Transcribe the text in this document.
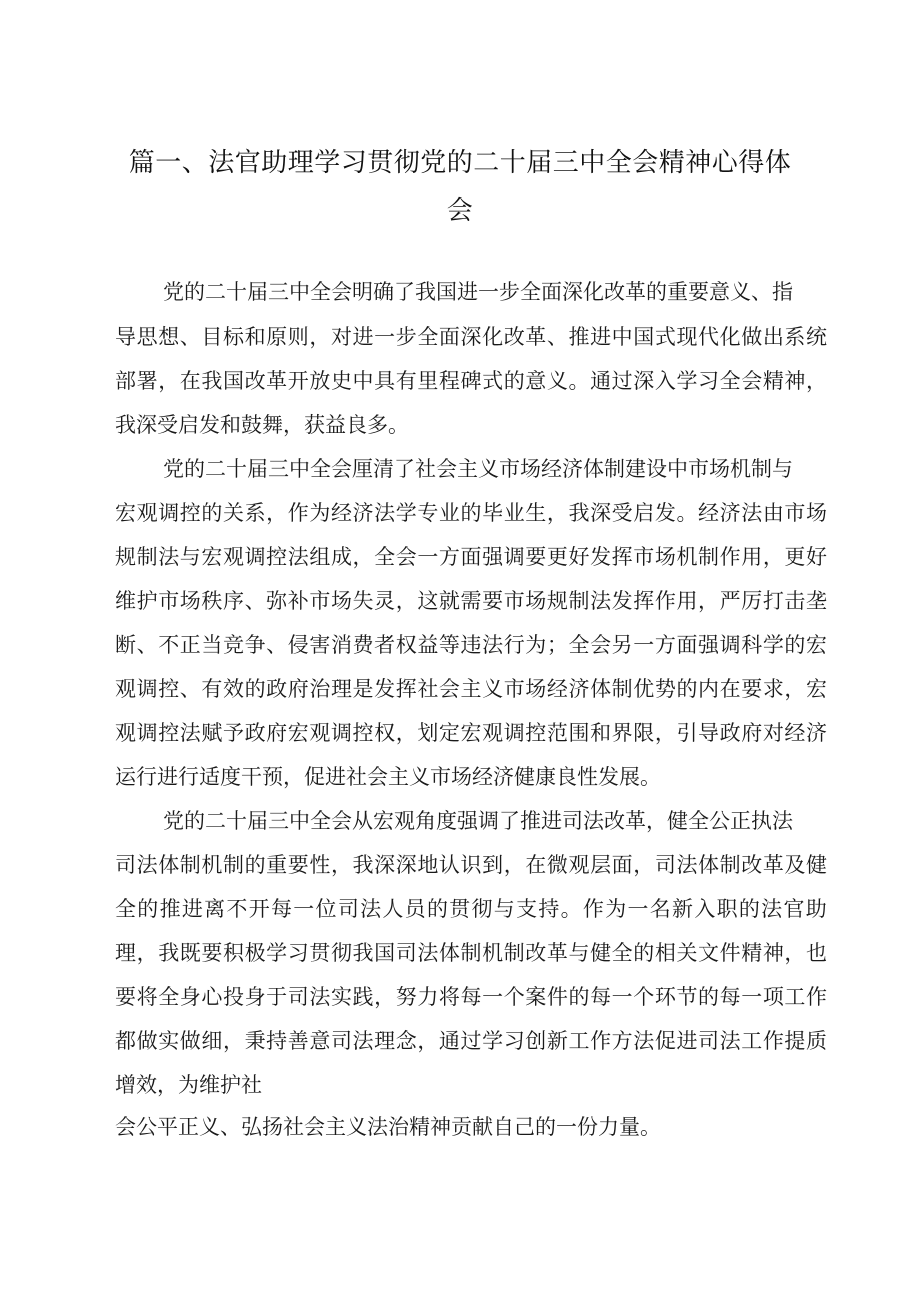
篇一、法官助理学习贯彻党的二十届三中全会精神心得体
会
党的二十届三中全会明确了我国进一步全面深化改革的重要意义、指
导 思 想 、 目 标 和 原 则 ， 对 进 一 步 全 面 深 化 改 革 、 推 进 中 国 式 现 代 化 做 出 系 统
部 署 ， 在 我 国 改 革 开 放 史 中 具 有 里 程 碑 式 的 意 义 。 通 过 深 入 学 习 全 会 精 神 ，
我深受启发和鼓舞，获益良多。
党的二十届三中全会厘清了社会主义市场经济体制建设中市场机制与
宏 观 调 控 的 关 系 ， 作 为 经 济 法 学 专 业 的 毕 业 生 ， 我 深 受 启 发 。 经 济 法 由 市 场
规 制 法 与 宏 观 调 控 法 组 成 ， 全 会 一 方 面 强 调 要 更 好 发 挥 市 场 机 制 作 用 ， 更 好
维 护 市 场 秩 序 、 弥 补 市 场 失 灵 ， 这 就 需 要 市 场 规 制 法 发 挥 作 用 ， 严 厉 打 击 垄
断 、 不 正 当 竞 争 、 侵 害 消 费 者 权 益 等 违 法 行 为 ； 全 会 另 一 方 面 强 调 科 学 的 宏
观 调 控 、 有 效 的 政 府 治 理 是 发 挥 社 会 主 义 市 场 经 济 体 制 优 势 的 内 在 要 求 ， 宏
观 调 控 法 赋 予 政 府 宏 观 调 控 权 ， 划 定 宏 观 调 控 范 围 和 界 限 ， 引 导 政 府 对 经 济
运行进行适度干预，促进社会主义市场经济健康良性发展。
党的二十届三中全会从宏观角度强调了推进司法改革，健全公正执法
司 法 体 制 机 制 的 重 要 性 ， 我 深 深 地 认 识 到 ， 在 微 观 层 面 ， 司 法 体 制 改 革 及 健
全 的 推 进 离 不 开 每 一 位 司 法 人 员 的 贯 彻 与 支 持 。 作 为 一 名 新 入 职 的 法 官 助
理 ， 我 既 要 积 极 学 习 贯 彻 我 国 司 法 体 制 机 制 改 革 与 健 全 的 相 关 文 件 精 神 ， 也
要 将 全 身 心 投 身 于 司 法 实 践 ， 努 力 将 每 一 个 案 件 的 每 一 个 环 节 的 每 一 项 工 作
都 做 实 做 细 ， 秉 持 善 意 司 法 理 念 ， 通 过 学 习 创 新 工 作 方 法 促 进 司 法 工 作 提 质
增效，为维护社
会公平正义、弘扬社会主义法治精神贡献自己的一份力量。
